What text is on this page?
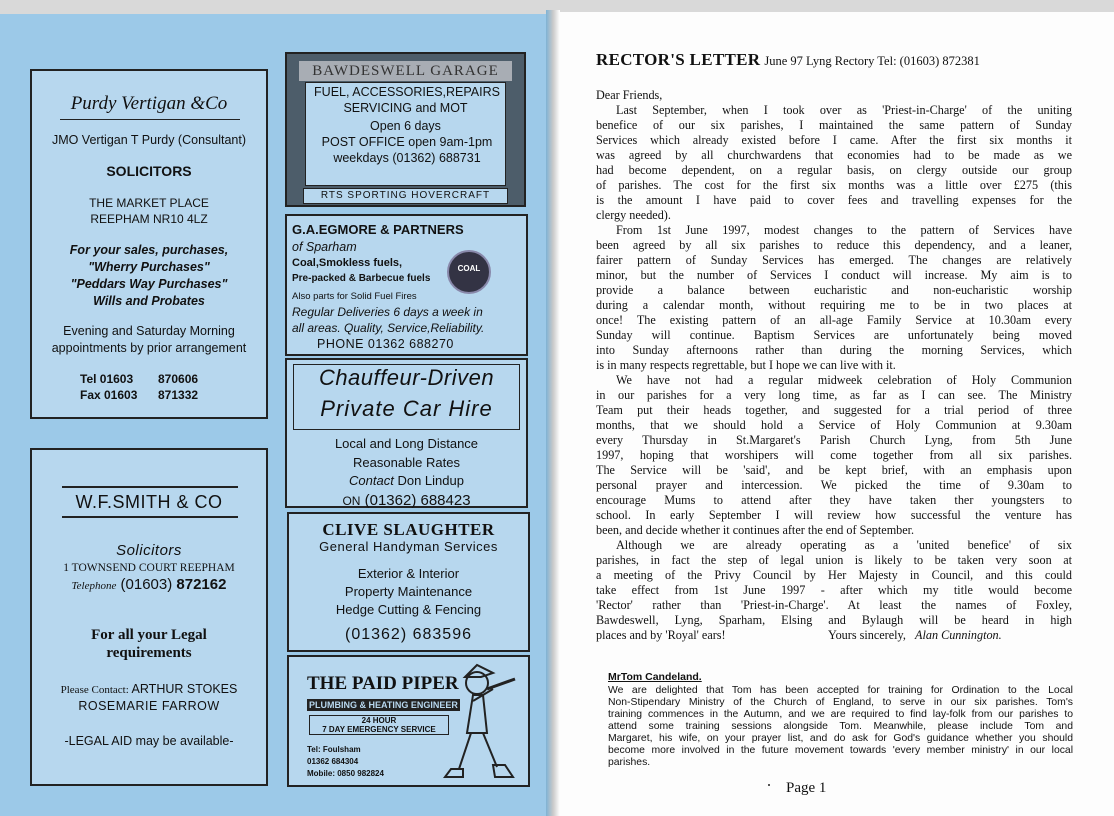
Purdy Vertigan &Co
JMO Vertigan T Purdy (Consultant)
SOLICITORS
THE MARKET PLACE
REEPHAM NR10 4LZ
For your sales, purchases,
"Wherry Purchases"
"Peddars Way Purchases"
Wills and Probates
Evening and Saturday Morning
appointments by prior arrangement
Tel 01603 870606
Fax 01603 871332
W.F.SMITH & CO
Solicitors
1 TOWNSEND COURT REEPHAM
Telephone (01603) 872162
For all your Legal
requirements
Please Contact: ARTHUR STOKES
ROSEMARIE FARROW
-LEGAL AID may be available-
BAWDESWELL GARAGE
FUEL, ACCESSORIES,REPAIRS
SERVICING and MOT
Open 6 days
POST OFFICE open 9am-1pm
weekdays (01362) 688731
RTS SPORTING HOVERCRAFT
G.A.EGMORE & PARTNERS
of Sparham
Coal,Smokless fuels,
Pre-packed & Barbecue fuels
Also parts for Solid Fuel Fires
Regular Deliveries 6 days a week in
all areas. Quality, Service,Reliability.
PHONE 01362 688270
COAL
Chauffeur-Driven
Private Car Hire
Local and Long Distance
Reasonable Rates
Contact Don Lindup
ON (01362) 688423
CLIVE SLAUGHTER
General Handyman Services
Exterior & Interior
Property Maintenance
Hedge Cutting & Fencing
(01362) 683596
THE PAID PIPER
PLUMBING & HEATING ENGINEER
24 HOUR
7 DAY EMERGENCY SERVICE
Tel: Foulsham
01362 684304
Mobile: 0850 982824
RECTOR'S LETTER June 97 Lyng Rectory Tel: (01603) 872381
Dear Friends,
Last September, when I took over as 'Priest-in-Charge' of the uniting
benefice of our six parishes, I maintained the same pattern of Sunday
Services which already existed before I came. After the first six months it
was agreed by all churchwardens that economies had to be made as we
had become dependent, on a regular basis, on clergy outside our group
of parishes. The cost for the first six months was a little over £275 (this
is the amount I have paid to cover fees and travelling expenses for the
clergy needed).
From 1st June 1997, modest changes to the pattern of Services have
been agreed by all six parishes to reduce this dependency, and a leaner,
fairer pattern of Sunday Services has emerged. The changes are relatively
minor, but the number of Services I conduct will increase. My aim is to
provide a balance between eucharistic and non-eucharistic worship
during a calendar month, without requiring me to be in two places at
once! The existing pattern of an all-age Family Service at 10.30am every
Sunday will continue. Baptism Services are unfortunately being moved
into Sunday afternoons rather than during the morning Services, which
is in many respects regrettable, but I hope we can live with it.
We have not had a regular midweek celebration of Holy Communion
in our parishes for a very long time, as far as I can see. The Ministry
Team put their heads together, and suggested for a trial period of three
months, that we should hold a Service of Holy Communion at 9.30am
every Thursday in St.Margaret's Parish Church Lyng, from 5th June
1997, hoping that worshipers will come together from all six parishes.
The Service will be 'said', and be kept brief, with an emphasis upon
personal prayer and intercession. We picked the time of 9.30am to
encourage Mums to attend after they have taken ther youngsters to
school. In early September I will review how successful the venture has
been, and decide whether it continues after the end of September.
Although we are already operating as a 'united benefice' of six
parishes, in fact the step of legal union is likely to be taken very soon at
a meeting of the Privy Council by Her Majesty in Council, and this could
take effect from 1st June 1997 - after which my title would become
'Rector' rather than 'Priest-in-Charge'. At least the names of Foxley,
Bawdeswell, Lyng, Sparham, Elsing and Bylaugh will be heard in high
places and by 'Royal' ears!	Yours sincerely, Alan Cunnington.
MrTom Candeland.
We are delighted that Tom has been accepted for training for Ordination to the Local
Non-Stipendary Ministry of the Church of England, to serve in our six parishes. Tom's
training commences in the Autumn, and we are required to find lay-folk from our parishes to
attend some training sessions alongside Tom. Meanwhile, please include Tom and
Margaret, his wife, on your prayer list, and do ask for God's guidance whether you should
become more involved in the future movement towards 'every member ministry' in our local
parishes.
Page 1
